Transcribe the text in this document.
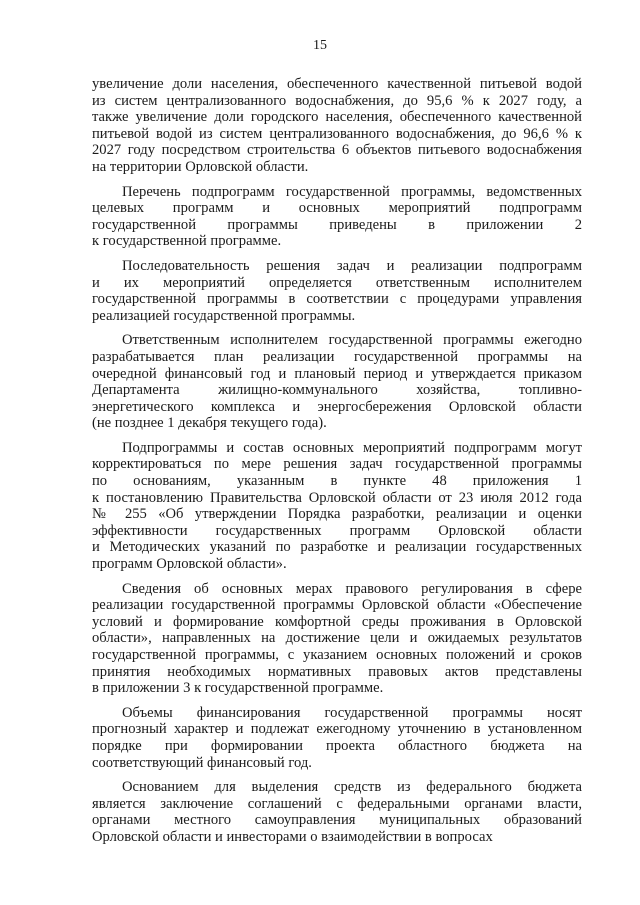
15
увеличение доли населения, обеспеченного качественной питьевой водой
из систем централизованного водоснабжения, до 95,6 % к 2027 году, а
также увеличение доли городского населения, обеспеченного качественной
питьевой водой из систем централизованного водоснабжения, до 96,6 % к
2027 году посредством строительства 6 объектов питьевого водоснабжения
на территории Орловской области.
Перечень подпрограмм государственной программы, ведомственных
целевых программ и основных мероприятий подпрограмм
государственной программы приведены в приложении 2
к государственной программе.
Последовательность решения задач и реализации подпрограмм
и их мероприятий определяется ответственным исполнителем
государственной программы в соответствии с процедурами управления
реализацией государственной программы.
Ответственным исполнителем государственной программы ежегодно
разрабатывается план реализации государственной программы на
очередной финансовый год и плановый период и утверждается приказом
Департамента жилищно-коммунального хозяйства, топливно-
энергетического комплекса и энергосбережения Орловской области
(не позднее 1 декабря текущего года).
Подпрограммы и состав основных мероприятий подпрограмм могут
корректироваться по мере решения задач государственной программы
по основаниям, указанным в пункте 48 приложения 1
к постановлению Правительства Орловской области от 23 июля 2012 года
№ 255 «Об утверждении Порядка разработки, реализации и оценки
эффективности государственных программ Орловской области
и Методических указаний по разработке и реализации государственных
программ Орловской области».
Сведения об основных мерах правового регулирования в сфере
реализации государственной программы Орловской области «Обеспечение
условий и формирование комфортной среды проживания в Орловской
области», направленных на достижение цели и ожидаемых результатов
государственной программы, с указанием основных положений и сроков
принятия необходимых нормативных правовых актов представлены
в приложении 3 к государственной программе.
Объемы финансирования государственной программы носят
прогнозный характер и подлежат ежегодному уточнению в установленном
порядке при формировании проекта областного бюджета на
соответствующий финансовый год.
Основанием для выделения средств из федерального бюджета
является заключение соглашений с федеральными органами власти,
органами местного самоуправления муниципальных образований
Орловской области и инвесторами о взаимодействии в вопросах
